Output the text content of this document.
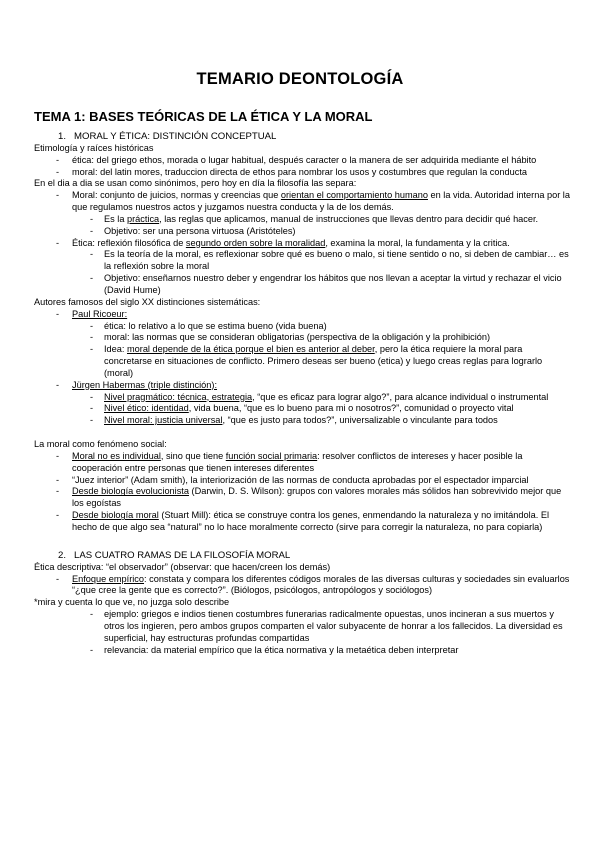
TEMARIO DEONTOLOGÍA
TEMA 1: BASES TEÓRICAS DE LA ÉTICA Y LA MORAL
1. MORAL Y ÉTICA: DISTINCIÓN CONCEPTUAL
Etimología y raíces históricas
-	ética: del griego ethos, morada o lugar habitual, después caracter o la manera de ser adquirida mediante el hábito
-	moral: del latin mores, traduccion directa de ethos para nombrar los usos y costumbres que regulan la conducta
En el dia a dia se usan como sinónimos, pero hoy en día la filosofía las separa:
-	Moral: conjunto de juicios, normas y creencias que orientan el comportamiento humano en la vida. Autoridad interna por la que regulamos nuestros actos y juzgamos nuestra conducta y la de los demás.
-	Es la práctica, las reglas que aplicamos, manual de instrucciones que llevas dentro para decidir qué hacer.
-	Objetivo: ser una persona virtuosa (Aristóteles)
-	Ética: reflexión filosófica de segundo orden sobre la moralidad, examina la moral, la fundamenta y la critica.
-	Es la teoría de la moral, es reflexionar sobre qué es bueno o malo, si tiene sentido o no, si deben de cambiar… es la reflexión sobre la moral
-	Objetivo: enseñarnos nuestro deber y engendrar los hábitos que nos llevan a aceptar la virtud y rechazar el vicio (David Hume)
Autores famosos del siglo XX distinciones sistemáticas:
-	Paul Ricoeur:
-	ética: lo relativo a lo que se estima bueno (vida buena)
-	moral: las normas que se consideran obligatorias (perspectiva de la obligación y la prohibición)
-	Idea: moral depende de la ética porque el bien es anterior al deber, pero la ética requiere la moral para concretarse en situaciones de conflicto. Primero deseas ser bueno (etica) y luego creas reglas para lograrlo (moral)
-	Jürgen Habermas (triple distinción):
-	Nivel pragmático: técnica, estrategia, “que es eficaz para lograr algo?”, para alcance individual o instrumental
-	Nivel ético: identidad, vida buena, “que es lo bueno para mi o nosotros?”, comunidad o proyecto vital
-	Nivel moral: justicia universal, “que es justo para todos?”, universalizable o vinculante para todos
La moral como fenómeno social:
-	Moral no es individual, sino que tiene función social primaria: resolver conflictos de intereses y hacer posible la cooperación entre personas que tienen intereses diferentes
-	“Juez interior” (Adam smith), la interiorización de las normas de conducta aprobadas por el espectador imparcial
-	Desde biología evolucionista (Darwin, D. S. Wilson): grupos con valores morales más sólidos han sobrevivido mejor que los egoístas
-	Desde biología moral (Stuart Mill): ética se construye contra los genes, enmendando la naturaleza y no imitándola. El hecho de que algo sea “natural” no lo hace moralmente correcto (sirve para corregir la naturaleza, no para copiarla)
2. LAS CUATRO RAMAS DE LA FILOSOFÍA MORAL
Ética descriptiva: “el observador” (observar: que hacen/creen los demás)
-	Enfoque empírico: constata y compara los diferentes códigos morales de las diversas culturas y sociedades sin evaluarlos “¿que cree la gente que es correcto?”. (Biólogos, psicólogos, antropólogos y sociólogos)
*mira y cuenta lo que ve, no juzga solo describe
-	ejemplo: griegos e indios tienen costumbres funerarias radicalmente opuestas, unos incineran a sus muertos y otros los ingieren, pero ambos grupos comparten el valor subyacente de honrar a los fallecidos. La diversidad es superficial, hay estructuras profundas compartidas
-	relevancia: da material empírico que la ética normativa y la metaética deben interpretar
